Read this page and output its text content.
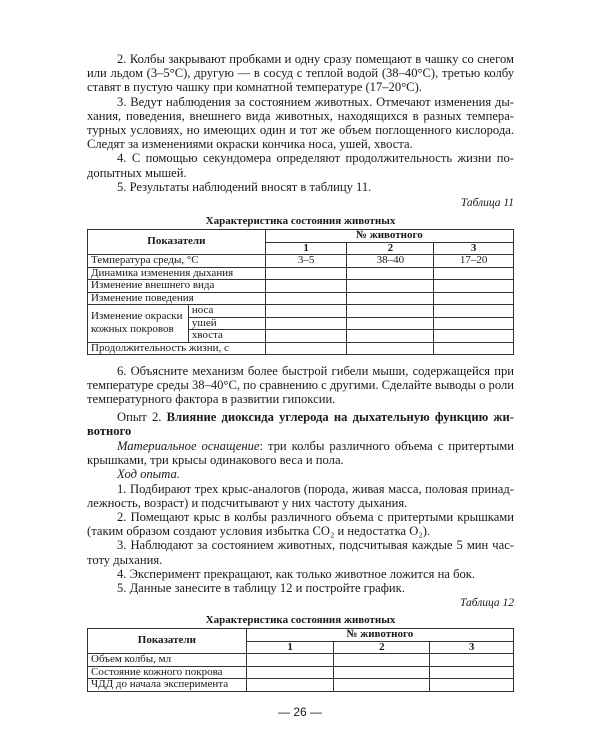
2. Колбы закрывают пробками и одну сразу помещают в чашку со снегом
или льдом (3–5°С), другую — в сосуд с теплой водой (38–40°С), третью колбу
ставят в пустую чашку при комнатной температуре (17–20°С).
3. Ведут наблюдения за состоянием животных. Отмечают изменения ды-
хания, поведения, внешнего вида животных, находящихся в разных темпера-
турных условиях, но имеющих один и тот же объем поглощенного кислорода.
Следят за изменениями окраски кончика носа, ушей, хвоста.
4. С помощью секундомера определяют продолжительность жизни по-
допытных мышей.
5. Результаты наблюдений вносят в таблицу 11.
Таблица 11
Характеристика состояния животных
Показатели		№ животного		
		1	2	3
Температура среды, °С		3–5	38–40	17–20
Динамика изменения дыхания				
Изменение внешнего вида				
Изменение поведения				
Изменение окраски кожных покровов	носа			
	ушей			
	хвоста			
Продолжительность жизни, с				
6. Объясните механизм более быстрой гибели мыши, содержащейся при
температуре среды 38–40°С, по сравнению с другими. Сделайте выводы о роли
температурного фактора в развитии гипоксии.
Опыт 2. Влияние диоксида углерода на дыхательную функцию жи-
вотного
Материальное оснащение: три колбы различного объема с притертыми
крышками, три крысы одинакового веса и пола.
Ход опыта.
1. Подбирают трех крыс-аналогов (порода, живая масса, половая принад-
лежность, возраст) и подсчитывают у них частоту дыхания.
2. Помещают крыс в колбы различного объема с притертыми крышками
(таким образом создают условия избытка CO₂ и недостатка O₂).
3. Наблюдают за состоянием животных, подсчитывая каждые 5 мин час-
тоту дыхания.
4. Эксперимент прекращают, как только животное ложится на бок.
5. Данные занесите в таблицу 12 и постройте график.
Таблица 12
Характеристика состояния животных
Показатели	№ животного		
	1	2	3
Объем колбы, мл			
Состояние кожного покрова			
ЧДД до начала эксперимента			
— 26 —
